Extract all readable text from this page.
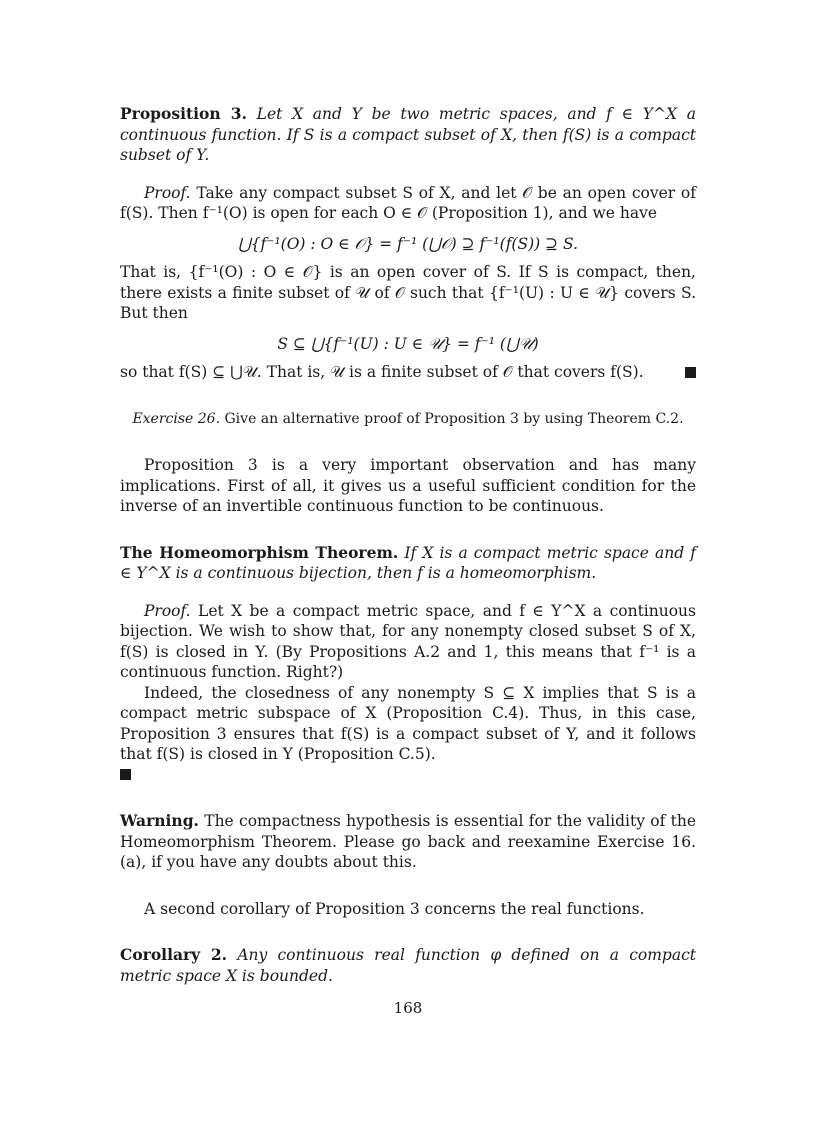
Proposition 3. Let X and Y be two metric spaces, and f ∈ Y^X a continuous function. If S is a compact subset of X, then f(S) is a compact subset of Y.

Proof. Take any compact subset S of X, and let 𝒪 be an open cover of f(S). Then f⁻¹(O) is open for each O ∈ 𝒪 (Proposition 1), and we have

⋃{f⁻¹(O) : O ∈ 𝒪} = f⁻¹ (⋃𝒪) ⊇ f⁻¹(f(S)) ⊇ S.

That is, {f⁻¹(O) : O ∈ 𝒪} is an open cover of S. If S is compact, then, there exists a finite subset of 𝒰 of 𝒪 such that {f⁻¹(U) : U ∈ 𝒰} covers S. But then

S ⊆ ⋃{f⁻¹(U) : U ∈ 𝒰} = f⁻¹ (⋃𝒰)

so that f(S) ⊆ ⋃𝒰. That is, 𝒰 is a finite subset of 𝒪 that covers f(S).

Exercise 26. Give an alternative proof of Proposition 3 by using Theorem C.2.

Proposition 3 is a very important observation and has many implications. First of all, it gives us a useful sufficient condition for the inverse of an invertible continuous function to be continuous.

The Homeomorphism Theorem. If X is a compact metric space and f ∈ Y^X is a continuous bijection, then f is a homeomorphism.

Proof. Let X be a compact metric space, and f ∈ Y^X a continuous bijection. We wish to show that, for any nonempty closed subset S of X, f(S) is closed in Y. (By Propositions A.2 and 1, this means that f⁻¹ is a continuous function. Right?)

Indeed, the closedness of any nonempty S ⊆ X implies that S is a compact metric subspace of X (Proposition C.4). Thus, in this case, Proposition 3 ensures that f(S) is a compact subset of Y, and it follows that f(S) is closed in Y (Proposition C.5).

Warning. The compactness hypothesis is essential for the validity of the Homeomorphism Theorem. Please go back and reexamine Exercise 16.(a), if you have any doubts about this.

A second corollary of Proposition 3 concerns the real functions.

Corollary 2. Any continuous real function φ defined on a compact metric space X is bounded.

168
